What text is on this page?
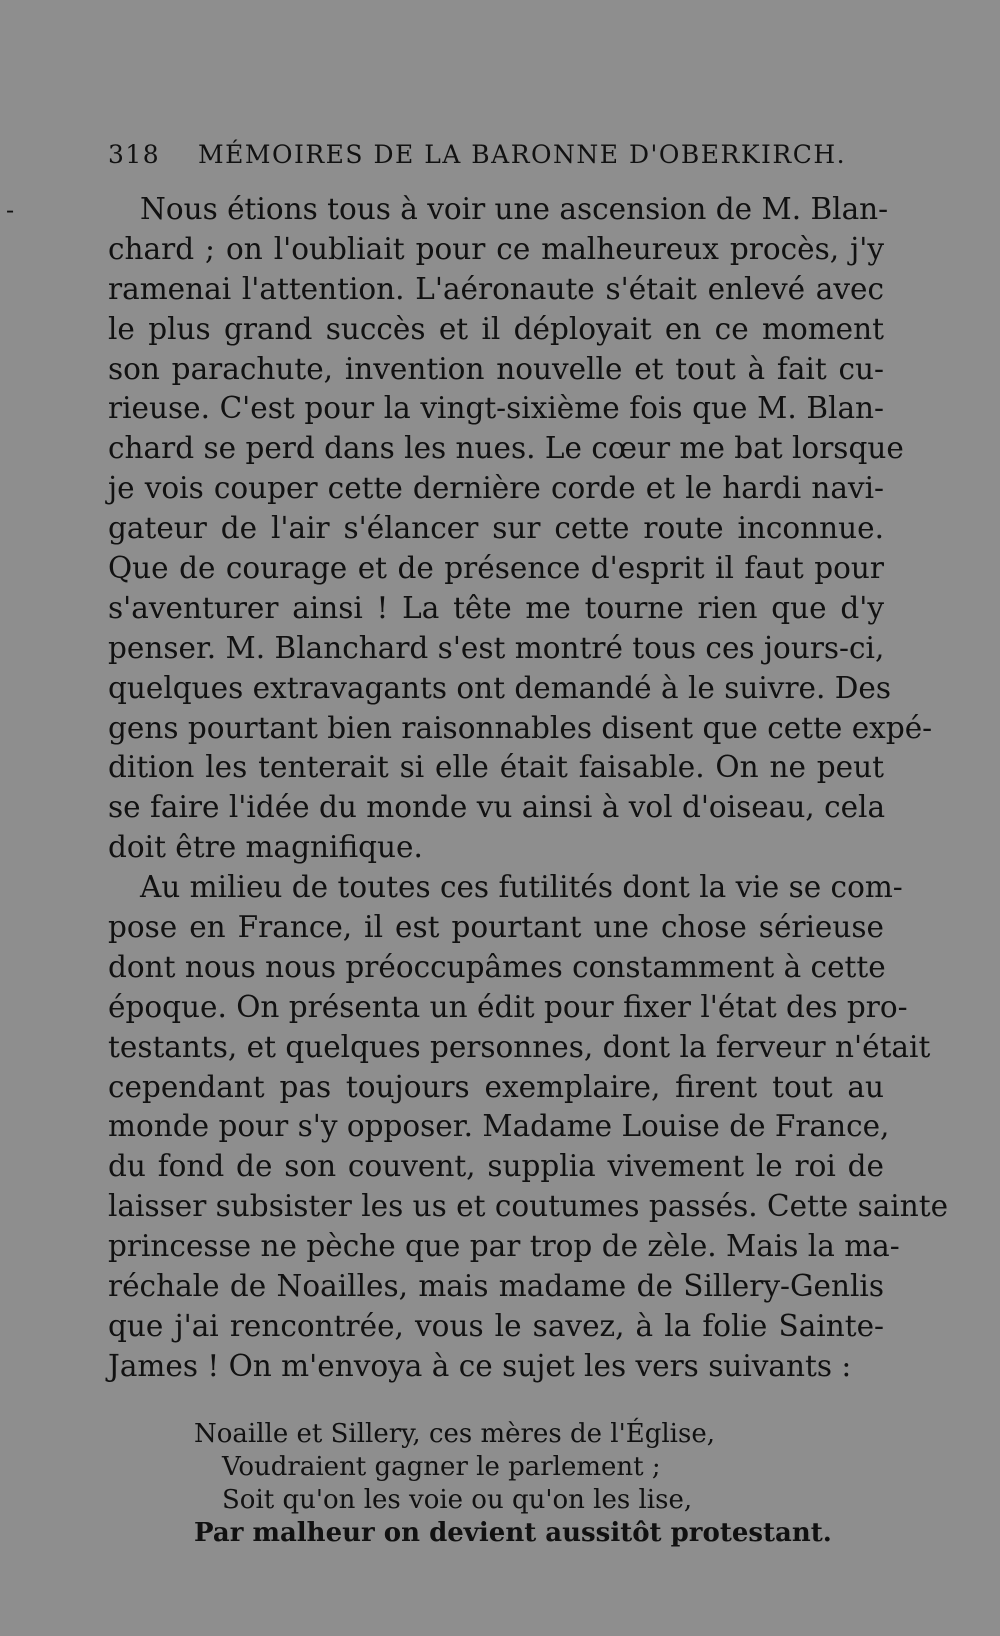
318 MÉMOIRES DE LA BARONNE D'OBERKIRCH.
-	Nous étions tous à voir une ascension de M. Blan-
chard ; on l'oubliait pour ce malheureux procès, j'y
ramenai l'attention. L'aéronaute s'était enlevé avec
le plus grand succès et il déployait en ce moment
son parachute, invention nouvelle et tout à fait cu-
rieuse. C'est pour la vingt-sixième fois que M. Blan-
chard se perd dans les nues. Le cœur me bat lorsque
je vois couper cette dernière corde et le hardi navi-
gateur de l'air s'élancer sur cette route inconnue.
Que de courage et de présence d'esprit il faut pour
s'aventurer ainsi ! La tête me tourne rien que d'y
penser. M. Blanchard s'est montré tous ces jours-ci,
quelques extravagants ont demandé à le suivre. Des
gens pourtant bien raisonnables disent que cette expé-
dition les tenterait si elle était faisable. On ne peut
se faire l'idée du monde vu ainsi à vol d'oiseau, cela
doit être magnifique.
Au milieu de toutes ces futilités dont la vie se com-
pose en France, il est pourtant une chose sérieuse
dont nous nous préoccupâmes constamment à cette
époque. On présenta un édit pour fixer l'état des pro-
testants, et quelques personnes, dont la ferveur n'était
cependant pas toujours exemplaire, firent tout au
monde pour s'y opposer. Madame Louise de France,
du fond de son couvent, supplia vivement le roi de
laisser subsister les us et coutumes passés. Cette sainte
princesse ne pèche que par trop de zèle. Mais la ma-
réchale de Noailles, mais madame de Sillery-Genlis
que j'ai rencontrée, vous le savez, à la folie Sainte-
James ! On m'envoya à ce sujet les vers suivants :
Noaille et Sillery, ces mères de l'Église,
Voudraient gagner le parlement ;
Soit qu'on les voie ou qu'on les lise,
Par malheur on devient aussitôt protestant.
